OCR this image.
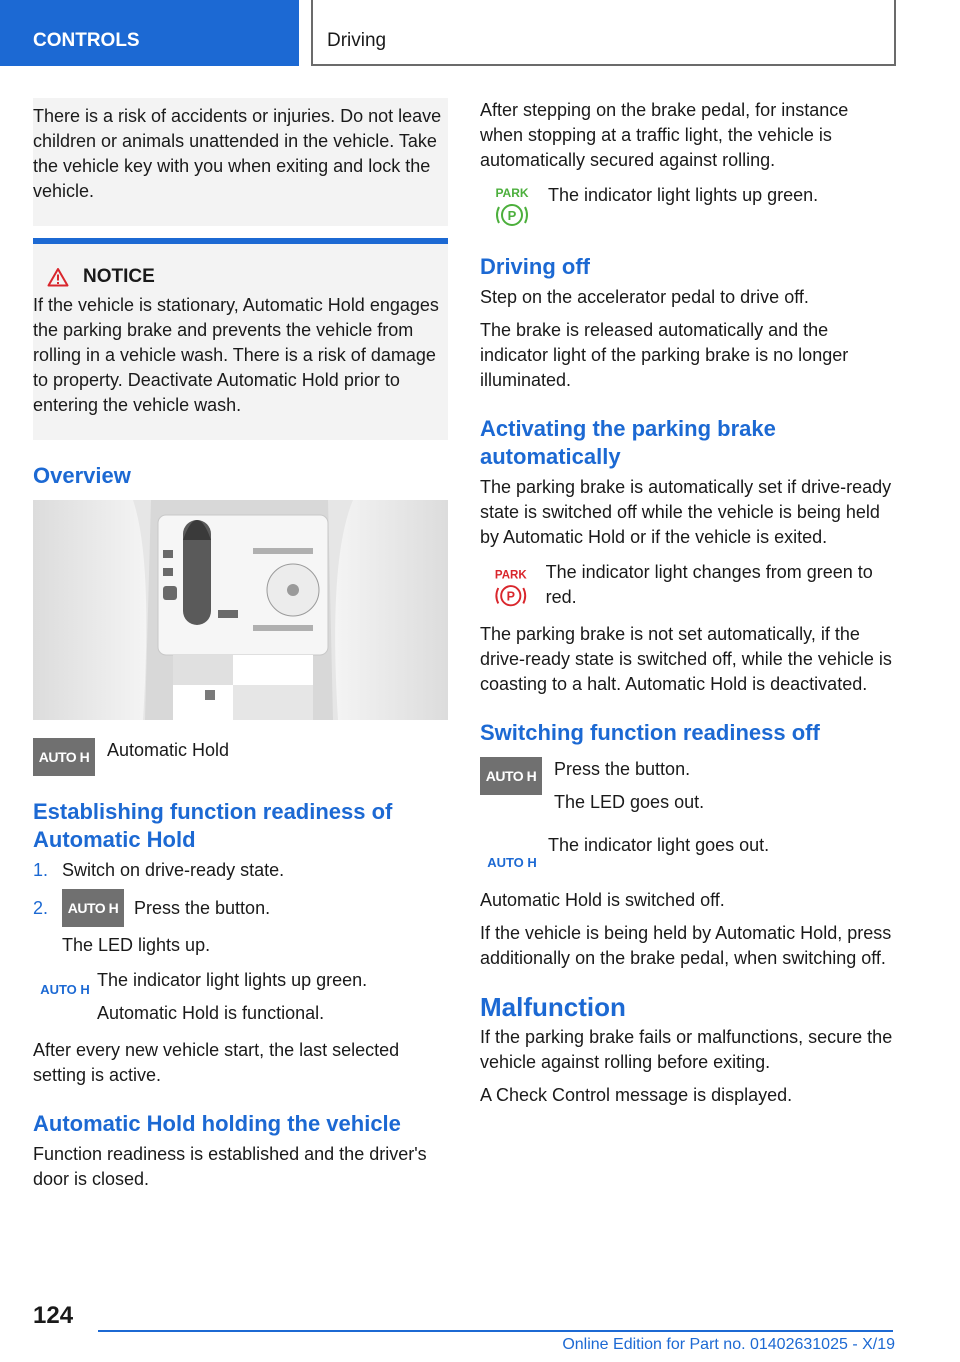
CONTROLS	Driving

There is a risk of accidents or injuries. Do not leave children or animals unattended in the vehicle. Take the vehicle key with you when exiting and lock the vehicle.

NOTICE

If the vehicle is stationary, Automatic Hold engages the parking brake and prevents the vehicle from rolling in a vehicle wash. There is a risk of damage to property. Deactivate Automatic Hold prior to entering the vehicle wash.

Overview
AUTO H Automatic Hold

Establishing function readiness of Automatic Hold
1. Switch on drive-ready state.
2.	AUTO H Press the button.

The LED lights up.

AUTO H The indicator light lights up green.

Automatic Hold is functional.

After every new vehicle start, the last selected setting is active.

Automatic Hold holding the vehicle

Function readiness is established and the driver's door is closed.

After stepping on the brake pedal, for instance when stopping at a traffic light, the vehicle is automatically secured against rolling.

PARK
P

The indicator light lights up green.

Driving off

Step on the accelerator pedal to drive off.

The brake is released automatically and the indicator light of the parking brake is no longer illuminated.

Activating the parking brake automatically

The parking brake is automatically set if drive-ready state is switched off while the vehicle is being held by Automatic Hold or if the vehicle is exited.

PARK
P

The indicator light changes from green to red.

The parking brake is not set automatically, if the drive-ready state is switched off, while the vehicle is coasting to a halt. Automatic Hold is deactivated.

Switching function readiness off
AUTO H Press the button.

The LED goes out.

AUTO H

The indicator light goes out.

Automatic Hold is switched off.

If the vehicle is being held by Automatic Hold, press additionally on the brake pedal, when switching off.

Malfunction

If the parking brake fails or malfunctions, secure the vehicle against rolling before exiting.

A Check Control message is displayed.

124
Online Edition for Part no. 01402631025 - X/19
